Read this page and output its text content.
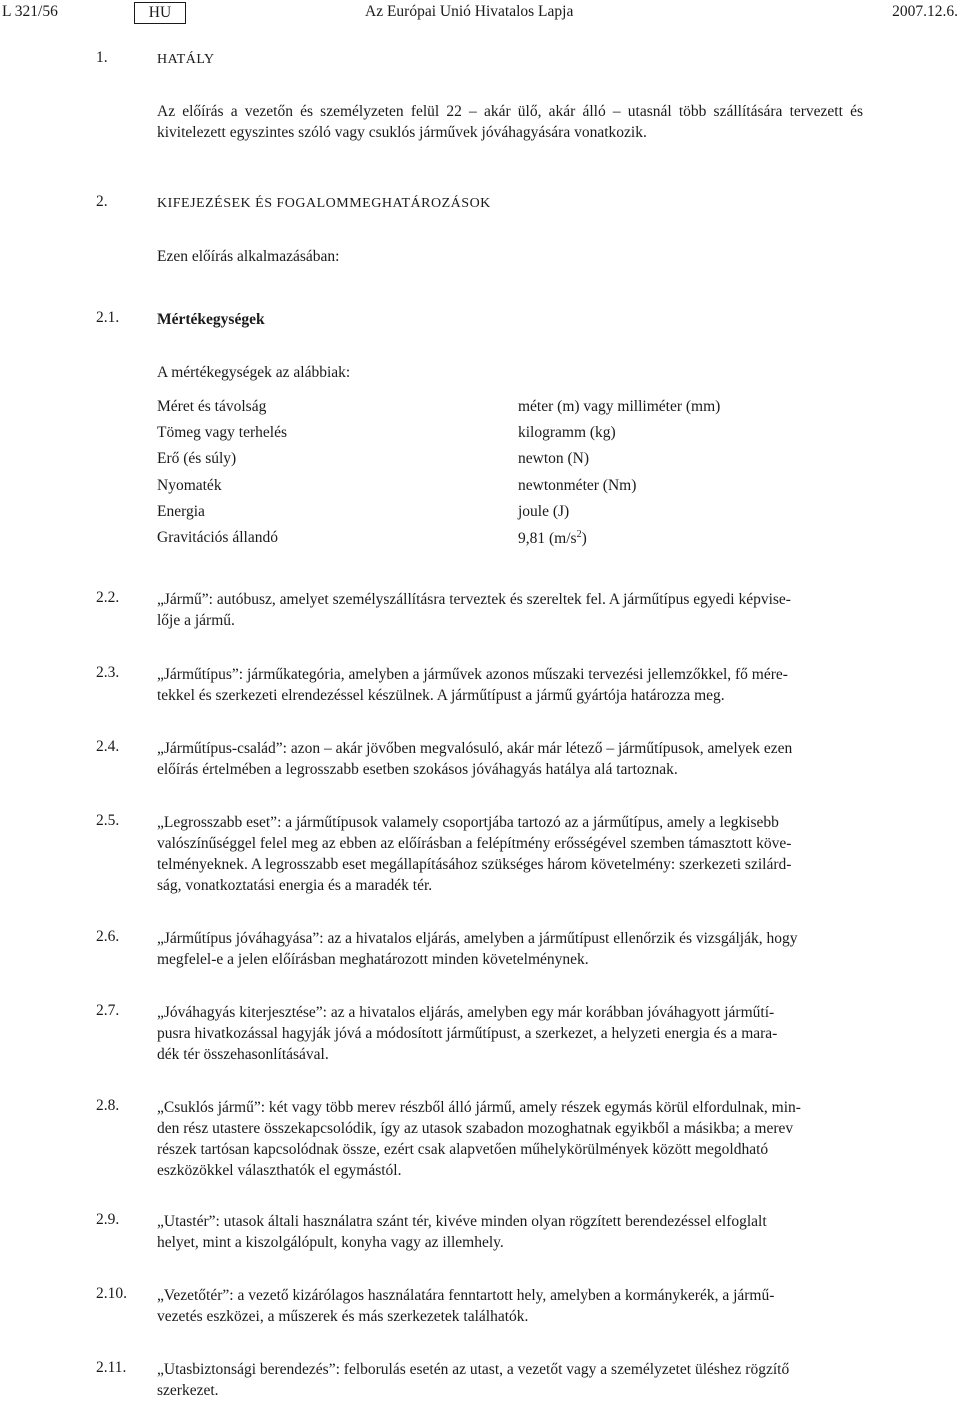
L 321/56	HU	Az Európai Unió Hivatalos Lapja	2007.12.6.
1.	HATÁLY
Az előírás a vezetőn és személyzeten felül 22 – akár ülő, akár álló – utasnál több szállítására tervezett és kivitelezett egyszintes szóló vagy csuklós járművek jóváhagyására vonatkozik.
2.	KIFEJEZÉSEK ÉS FOGALOMMEGHATÁROZÁSOK
Ezen előírás alkalmazásában:
2.1. Mértékegységek
A mértékegységek az alábbiak:
Méret és távolság	méter (m) vagy milliméter (mm)
Tömeg vagy terhelés	kilogramm (kg)
Erő (és súly)	newton (N)
Nyomaték	newtonméter (Nm)
Energia	joule (J)
Gravitációs állandó	9,81 $(m/s^2)$
2.2. „Jármű”: autóbusz, amelyet személyszállításra terveztek és szereltek fel. A járműtípus egyedi képvise-
lője a jármű.
2.3. „Járműtípus”: járműkategória, amelyben a járművek azonos műszaki tervezési jellemzőkkel, fő mére-
tekkel és szerkezeti elrendezéssel készülnek. A járműtípust a jármű gyártója határozza meg.
2.4. „Járműtípus-család”: azon – akár jövőben megvalósuló, akár már létező – járműtípusok, amelyek ezen
előírás értelmében a legrosszabb esetben szokásos jóváhagyás hatálya alá tartoznak.
2.5. „Legrosszabb eset”: a járműtípusok valamely csoportjába tartozó az a járműtípus, amely a legkisebb
valószínűséggel felel meg az ebben az előírásban a felépítmény erősségével szemben támasztott köve-
telményeknek. A legrosszabb eset megállapításához szükséges három követelmény: szerkezeti szilárd-
ság, vonatkoztatási energia és a maradék tér.
2.6. „Járműtípus jóváhagyása”: az a hivatalos eljárás, amelyben a járműtípust ellenőrzik és vizsgálják, hogy
megfelel-e a jelen előírásban meghatározott minden követelménynek.
2.7. „Jóváhagyás kiterjesztése”: az a hivatalos eljárás, amelyben egy már korábban jóváhagyott járműtí-
pusra hivatkozással hagyják jóvá a módosított járműtípust, a szerkezet, a helyzeti energia és a mara-
dék tér összehasonlításával.
2.8. „Csuklós jármű”: két vagy több merev részből álló jármű, amely részek egymás körül elfordulnak, min-
den rész utastere összekapcsolódik, így az utasok szabadon mozoghatnak egyikből a másikba; a merev
részek tartósan kapcsolódnak össze, ezért csak alapvetően műhelykörülmények között megoldható
eszközökkel választhatók el egymástól.
2.9. „Utastér”: utasok általi használatra szánt tér, kivéve minden olyan rögzített berendezéssel elfoglalt
helyet, mint a kiszolgálópult, konyha vagy az illemhely.
2.10. „Vezetőtér”: a vezető kizárólagos használatára fenntartott hely, amelyben a kormánykerék, a jármű-
vezetés eszközei, a műszerek és más szerkezetek találhatók.
2.11. „Utasbiztonsági berendezés”: felborulás esetén az utast, a vezetőt vagy a személyzetet üléshez rögzítő
szerkezet.
